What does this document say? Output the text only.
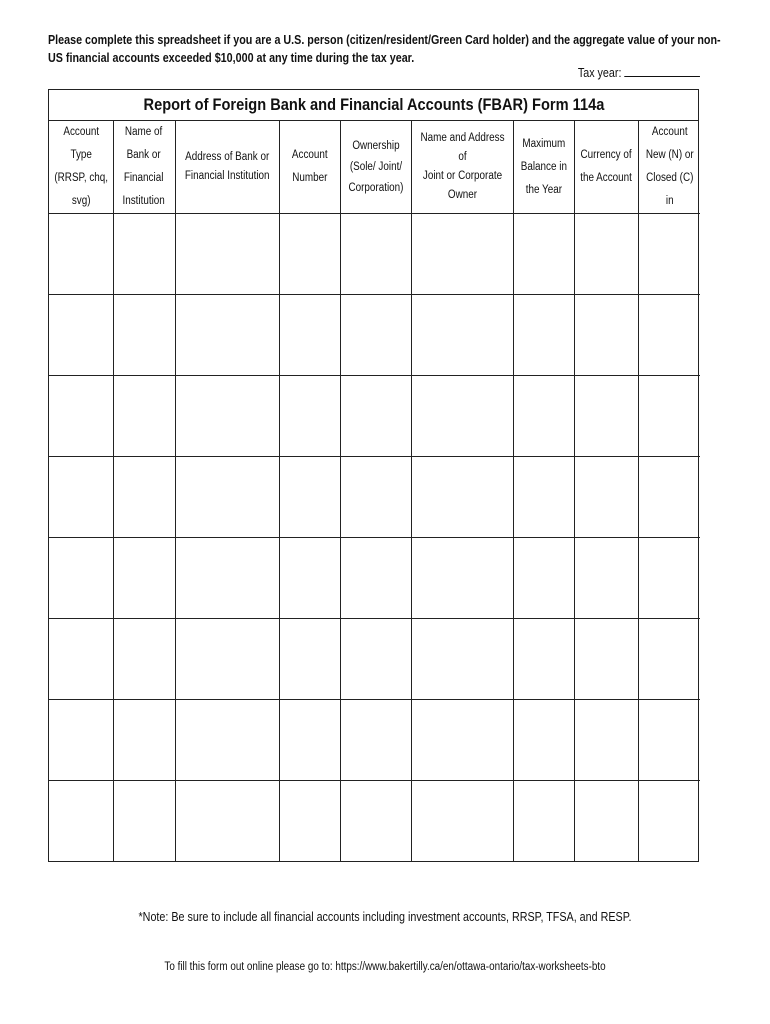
Please complete this spreadsheet if you are a U.S. person (citizen/resident/Green Card holder) and the aggregate value of your non-US financial accounts exceeded $10,000 at any time during the tax year.
Tax year:
Report of Foreign Bank and Financial Accounts (FBAR) Form 114a
Account
Type
(RRSP, chq,
svg)	Name of
Bank or
Financial
Institution	Address of Bank or
Financial Institution	Account
Number	Ownership
(Sole/ Joint/
Corporation)	Name and Address of
Joint or Corporate
Owner	Maximum
Balance in
the Year	Currency of
the Account	Account
New (N) or
Closed (C) in

*Note: Be sure to include all financial accounts including investment accounts, RRSP, TFSA, and RESP.
To fill this form out online please go to: https://www.bakertilly.ca/en/ottawa-ontario/tax-worksheets-bto
